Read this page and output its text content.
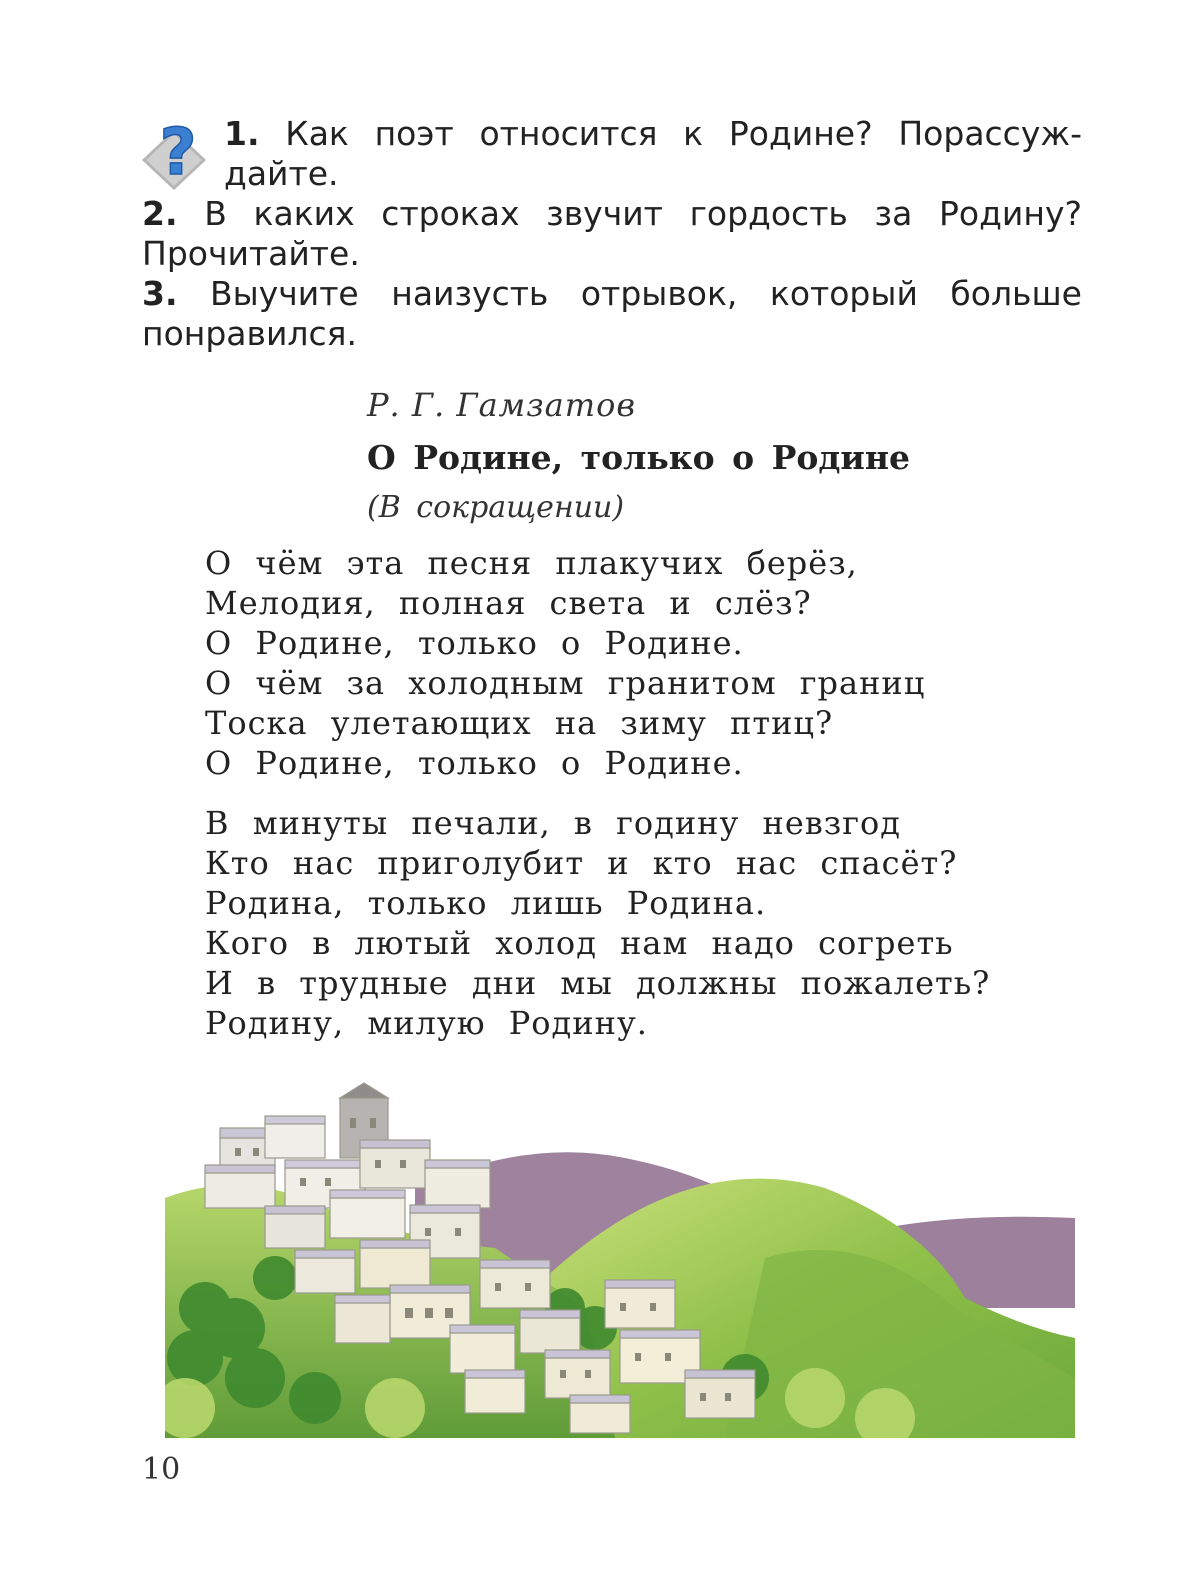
? 1. Как поэт относится к Родине? Порассуж-
дайте.
2. В каких строках звучит гордость за Родину?
Прочитайте.
3. Выучите наизусть отрывок, который больше
понравился.
Р. Г. Гамзатов
О Родине, только о Родине
(В сокращении)
О чём эта песня плакучих берёз,
Мелодия, полная света и слёз?
О Родине, только о Родине.
О чём за холодным гранитом границ
Тоска улетающих на зиму птиц?
О Родине, только о Родине.
В минуты печали, в годину невзгод
Кто нас приголубит и кто нас спасёт?
Родина, только лишь Родина.
Кого в лютый холод нам надо согреть
И в трудные дни мы должны пожалеть?
Родину, милую Родину.
10
